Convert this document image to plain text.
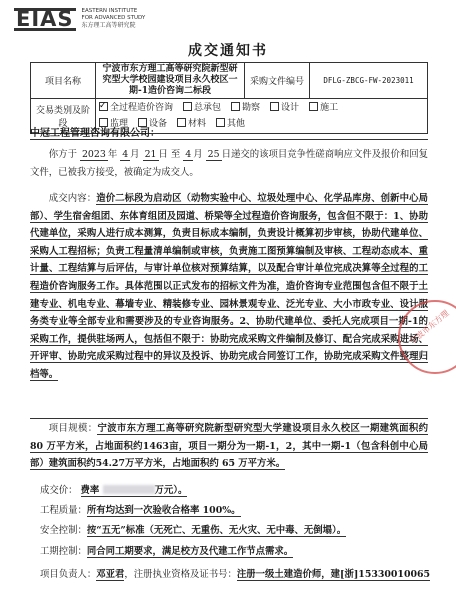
EIAS	EASTERN INSTITUTE
FOR ADVANCED STUDY
东方理工高等研究院
成交通知书
项目名称	宁波市东方理工高等研究院新型研究型大学校园建设项目永久校区一期-1造价咨询二标段	采购文件编号	DFLG-ZBCG-FW-2023011
交易类别及阶段	
✓全过程造价咨询 总承包 勘察 设计 施工
监理 设备 材料 其他
中冠工程管理咨询有限公司：
你方于 2023 年 4 月 21 日 至 4 月 25 日递交的该项目竞争性磋商响应文件及报价和回复文件，已被我方接受，被确定为成交人。
成交内容：造价二标段为启动区（动物实验中心、垃圾处理中心、化学品库房、创新中心局部）、学生宿舍组团、东体育组团及园道、桥梁等全过程造价咨询服务，包含但不限于：1、协助代建单位，采购人进行成本测算，负责目标成本编制，负责设计概算初步审核，协助代建单位、采购人工程招标；负责工程量清单编制或审核，负责施工图预算编制及审核、工程动态成本、重计量、工程结算与后评估，与审计单位核对预算结算，以及配合审计单位完成决算等全过程的工程造价咨询服务工作。具体范围以正式发布的招标文件为准，造价咨询专业范围包含但不限于土建专业、机电专业、幕墙专业、精装修专业、园林景观专业、泛光专业、大小市政专业、设计服务类专业等全部专业和需要涉及的专业咨询服务。2、协助代建单位、委托人完成项目一期-1的采购工作，提供驻场两人，包括但不限于：协助完成采购文件编制及修订、配合完成采购进场、开评审、协助完成采购过程中的异议及投诉、协助完成合同签订工作，协助完成采购文件整理归档等。
项目规模：宁波市东方理工高等研究院新型研究型大学建设项目永久校区一期建筑面积约 80 万平方米，占地面积约1463亩，项目一期分为一期-1，2，其中一期-1（包含科创中心局部）建筑面积约54.27万平方米，占地面积约 65 万平方米。
成交价： 费率	万元）。
工程质量：所有均达到一次验收合格率 100%。
安全控制：按“五无”标准（无死亡、无重伤、无火灾、无中毒、无倒塌）。
工期控制：同合同工期要求，满足校方及代建工作节点需求。
项目负责人：邓亚君，注册执业资格及证书号：注册一级土建造价师，建[浙]15330010065
宁波市东方理
